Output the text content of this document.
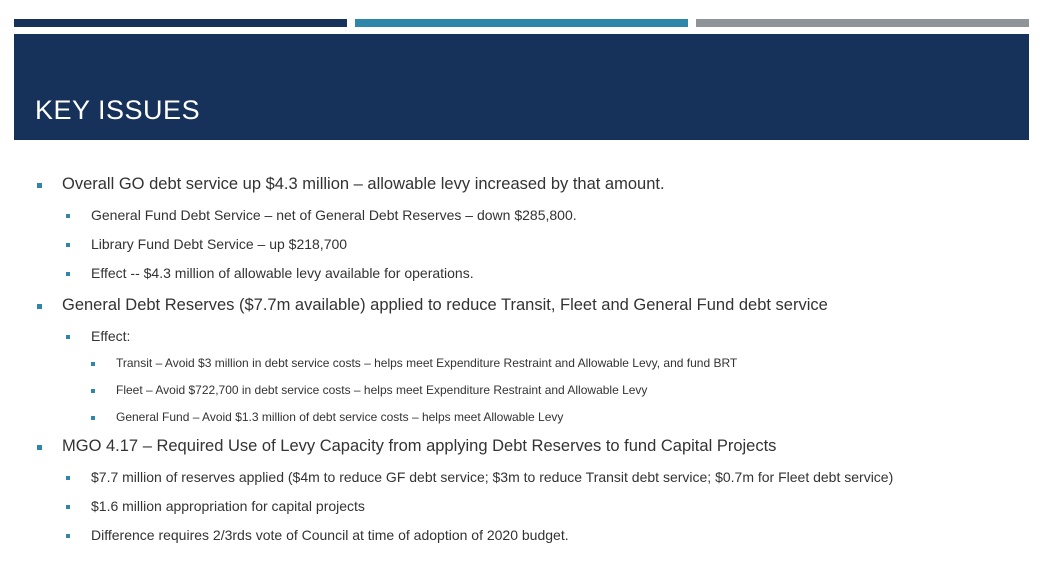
KEY ISSUES
Overall GO debt service up $4.3 million – allowable levy increased by that amount.
General Fund Debt Service – net of General Debt Reserves – down $285,800.
Library Fund Debt Service – up $218,700
Effect -- $4.3 million of allowable levy available for operations.
General Debt Reserves ($7.7m available) applied to reduce Transit, Fleet and General Fund debt service
Effect:
Transit – Avoid $3 million in debt service costs – helps meet Expenditure Restraint and Allowable Levy, and fund BRT
Fleet – Avoid $722,700 in debt service costs – helps meet Expenditure Restraint and Allowable Levy
General Fund – Avoid $1.3 million of debt service costs – helps meet Allowable Levy
MGO 4.17 – Required Use of Levy Capacity from applying Debt Reserves to fund Capital Projects
$7.7 million of reserves applied ($4m to reduce GF debt service; $3m to reduce Transit debt service; $0.7m for Fleet debt service)
$1.6 million appropriation for capital projects
Difference requires 2/3rds vote of Council at time of adoption of 2020 budget.
